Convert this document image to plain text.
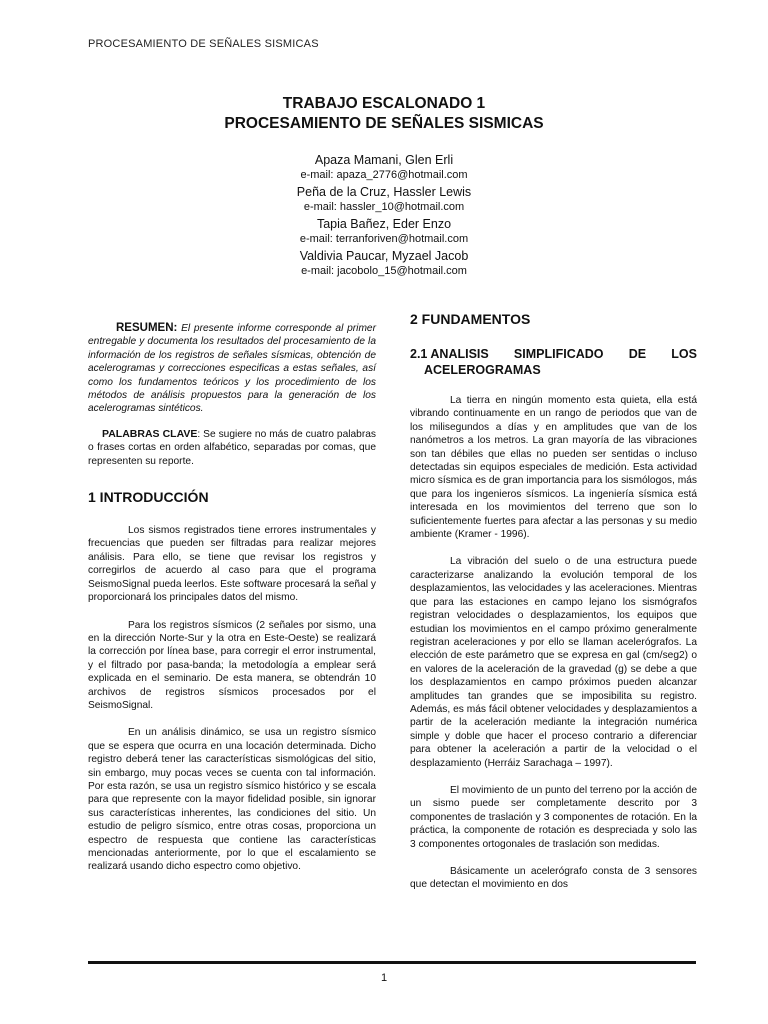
PROCESAMIENTO DE SEÑALES SISMICAS
TRABAJO ESCALONADO 1
PROCESAMIENTO DE SEÑALES SISMICAS
Apaza Mamani, Glen Erli
e-mail: apaza_2776@hotmail.com
Peña de la Cruz, Hassler Lewis
e-mail: hassler_10@hotmail.com
Tapia Bañez, Eder Enzo
e-mail: terranforiven@hotmail.com
Valdivia Paucar, Myzael Jacob
e-mail: jacobolo_15@hotmail.com

RESUMEN: El presente informe corresponde al primer entregable y documenta los resultados del procesamiento de la información de los registros de señales sísmicas, obtención de acelerogramas y correcciones especificas a estas señales, así como los fundamentos teóricos y los procedimiento de los métodos de análisis propuestos para la generación de los acelerogramas sintéticos.

PALABRAS CLAVE: Se sugiere no más de cuatro palabras o frases cortas en orden alfabético, separadas por comas, que representen su reporte.

1 INTRODUCCIÓN

Los sismos registrados tiene errores instrumentales y frecuencias que pueden ser filtradas para realizar mejores análisis. Para ello, se tiene que revisar los registros y corregirlos de acuerdo al caso para que el programa SeismoSignal pueda leerlos. Este software procesará la señal y proporcionará los principales datos del mismo.

Para los registros sísmicos (2 señales por sismo, una en la dirección Norte-Sur y la otra en Este-Oeste) se realizará la corrección por línea base, para corregir el error instrumental, y el filtrado por pasa-banda; la metodología a emplear será explicada en el seminario. De esta manera, se obtendrán 10 archivos de registros sísmicos procesados por el SeismoSignal.

En un análisis dinámico, se usa un registro sísmico que se espera que ocurra en una locación determinada. Dicho registro deberá tener las características sismológicas del sitio, sin embargo, muy pocas veces se cuenta con tal información. Por esta razón, se usa un registro sísmico histórico y se escala para que represente con la mayor fidelidad posible, sin ignorar sus características inherentes, las condiciones del sitio. Un estudio de peligro sísmico, entre otras cosas, proporciona un espectro de respuesta que contiene las características mencionadas anteriormente, por lo que el escalamiento se realizará usando dicho espectro como objetivo.

2 FUNDAMENTOS
2.1 ANALISIS SIMPLIFICADO DE LOS
ACELEROGRAMAS

La tierra en ningún momento esta quieta, ella está vibrando continuamente en un rango de periodos que van de los milisegundos a días y en amplitudes que van de los nanómetros a los metros. La gran mayoría de las vibraciones son tan débiles que ellas no pueden ser sentidas o incluso detectadas sin equipos especiales de medición. Esta actividad micro sísmica es de gran importancia para los sismólogos, más que para los ingenieros sísmicos. La ingeniería sísmica está interesada en los movimientos del terreno que son lo suficientemente fuertes para afectar a las personas y su medio ambiente (Kramer - 1996).

La vibración del suelo o de una estructura puede caracterizarse analizando la evolución temporal de los desplazamientos, las velocidades y las aceleraciones. Mientras que para las estaciones en campo lejano los sismógrafos registran velocidades o desplazamientos, los equipos que estudian los movimientos en el campo próximo generalmente registran aceleraciones y por ello se llaman acelerógrafos. La elección de este parámetro que se expresa en gal (cm/seg2) o en valores de la aceleración de la gravedad (g) se debe a que los desplazamientos en campo próximos pueden alcanzar amplitudes tan grandes que se imposibilita su registro. Además, es más fácil obtener velocidades y desplazamientos a partir de la aceleración mediante la integración numérica simple y doble que hacer el proceso contrario a diferenciar para obtener la aceleración a partir de la velocidad o el desplazamiento (Herráiz Sarachaga – 1997).

El movimiento de un punto del terreno por la acción de un sismo puede ser completamente descrito por 3 componentes de traslación y 3 componentes de rotación. En la práctica, la componente de rotación es despreciada y solo las 3 componentes ortogonales de traslación son medidas.

Básicamente un acelerógrafo consta de 3 sensores que detectan el movimiento en dos

1
